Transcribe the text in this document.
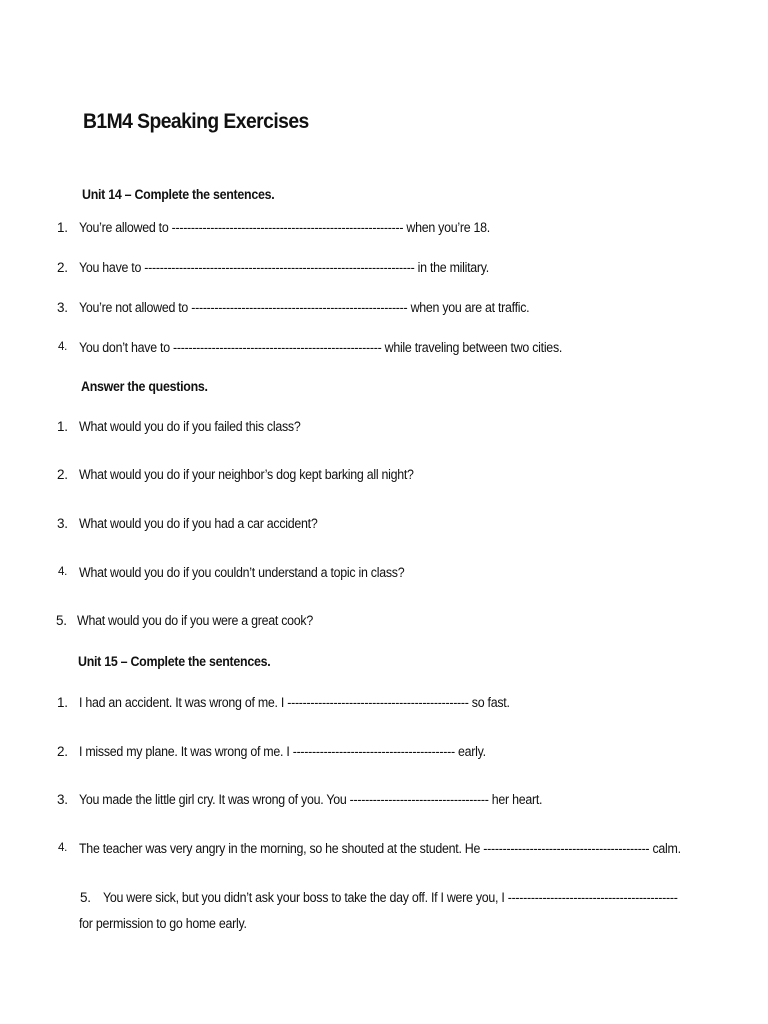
B1M4 Speaking Exercises
Unit 14 – Complete the sentences.
1. You’re allowed to ------------------------------------------------------------ when you’re 18.
2. You have to ---------------------------------------------------------------------- in the military.
3. You’re not allowed to -------------------------------------------------------- when you are at traffic.
4. You don’t have to ------------------------------------------------------ while traveling between two cities.
Answer the questions.
1. What would you do if you failed this class?
2. What would you do if your neighbor’s dog kept barking all night?
3. What would you do if you had a car accident?
4. What would you do if you couldn’t understand a topic in class?
5. What would you do if you were a great cook?
Unit 15 – Complete the sentences.
1. I had an accident. It was wrong of me. I ----------------------------------------------- so fast.
2. I missed my plane. It was wrong of me. I ------------------------------------------ early.
3. You made the little girl cry. It was wrong of you. You ------------------------------------ her heart.
4. The teacher was very angry in the morning, so he shouted at the student. He ------------------------------------------- calm.
5. You were sick, but you didn’t ask your boss to take the day off. If I were you, I --------------------------------------------
for permission to go home early.
